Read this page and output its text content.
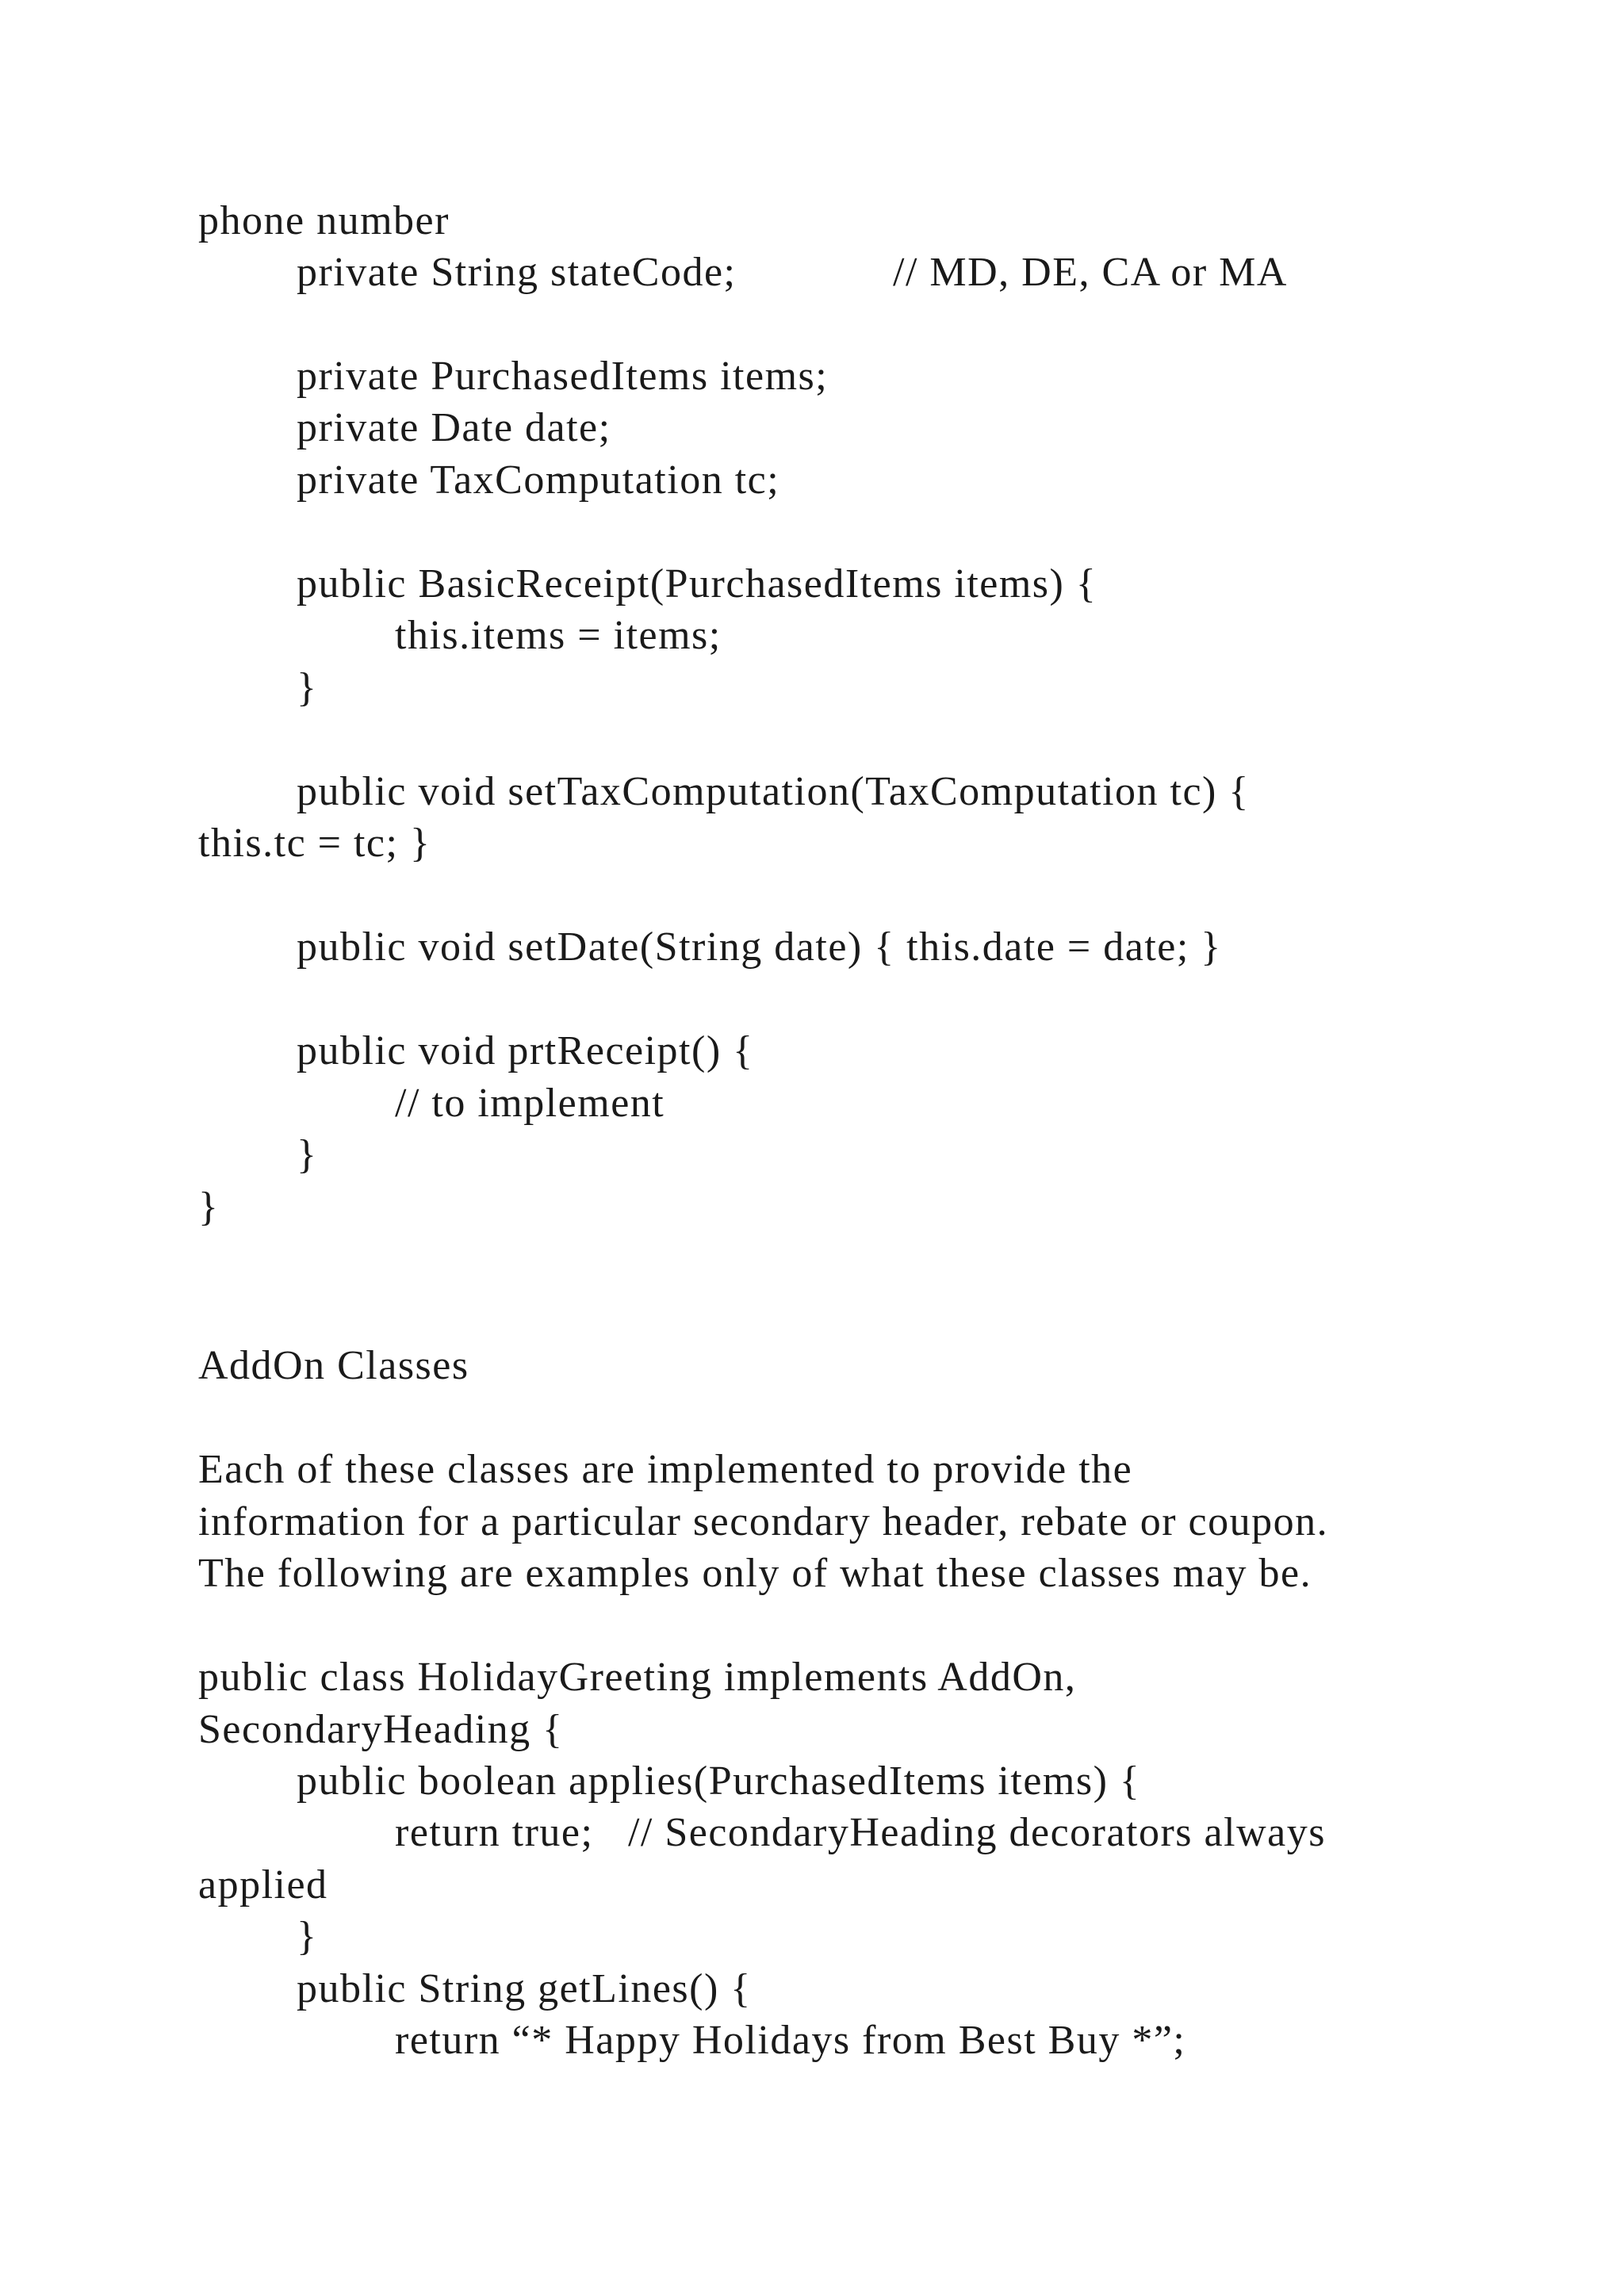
phone number
private String stateCode;	// MD, DE, CA or MA
private PurchasedItems items;
private Date date;
private TaxComputation tc;
public BasicReceipt(PurchasedItems items) {
this.items = items;
}
public void setTaxComputation(TaxComputation tc) {
this.tc = tc; }
public void setDate(String date) { this.date = date; }
public void prtReceipt() {
// to implement
}
}
AddOn Classes
Each of these classes are implemented to provide the
information for a particular secondary header, rebate or coupon.
The following are examples only of what these classes may be.
public class HolidayGreeting implements AddOn,
SecondaryHeading {
public boolean applies(PurchasedItems items) {
return true;   // SecondaryHeading decorators always
applied
}
public String getLines() {
return “* Happy Holidays from Best Buy *”;
